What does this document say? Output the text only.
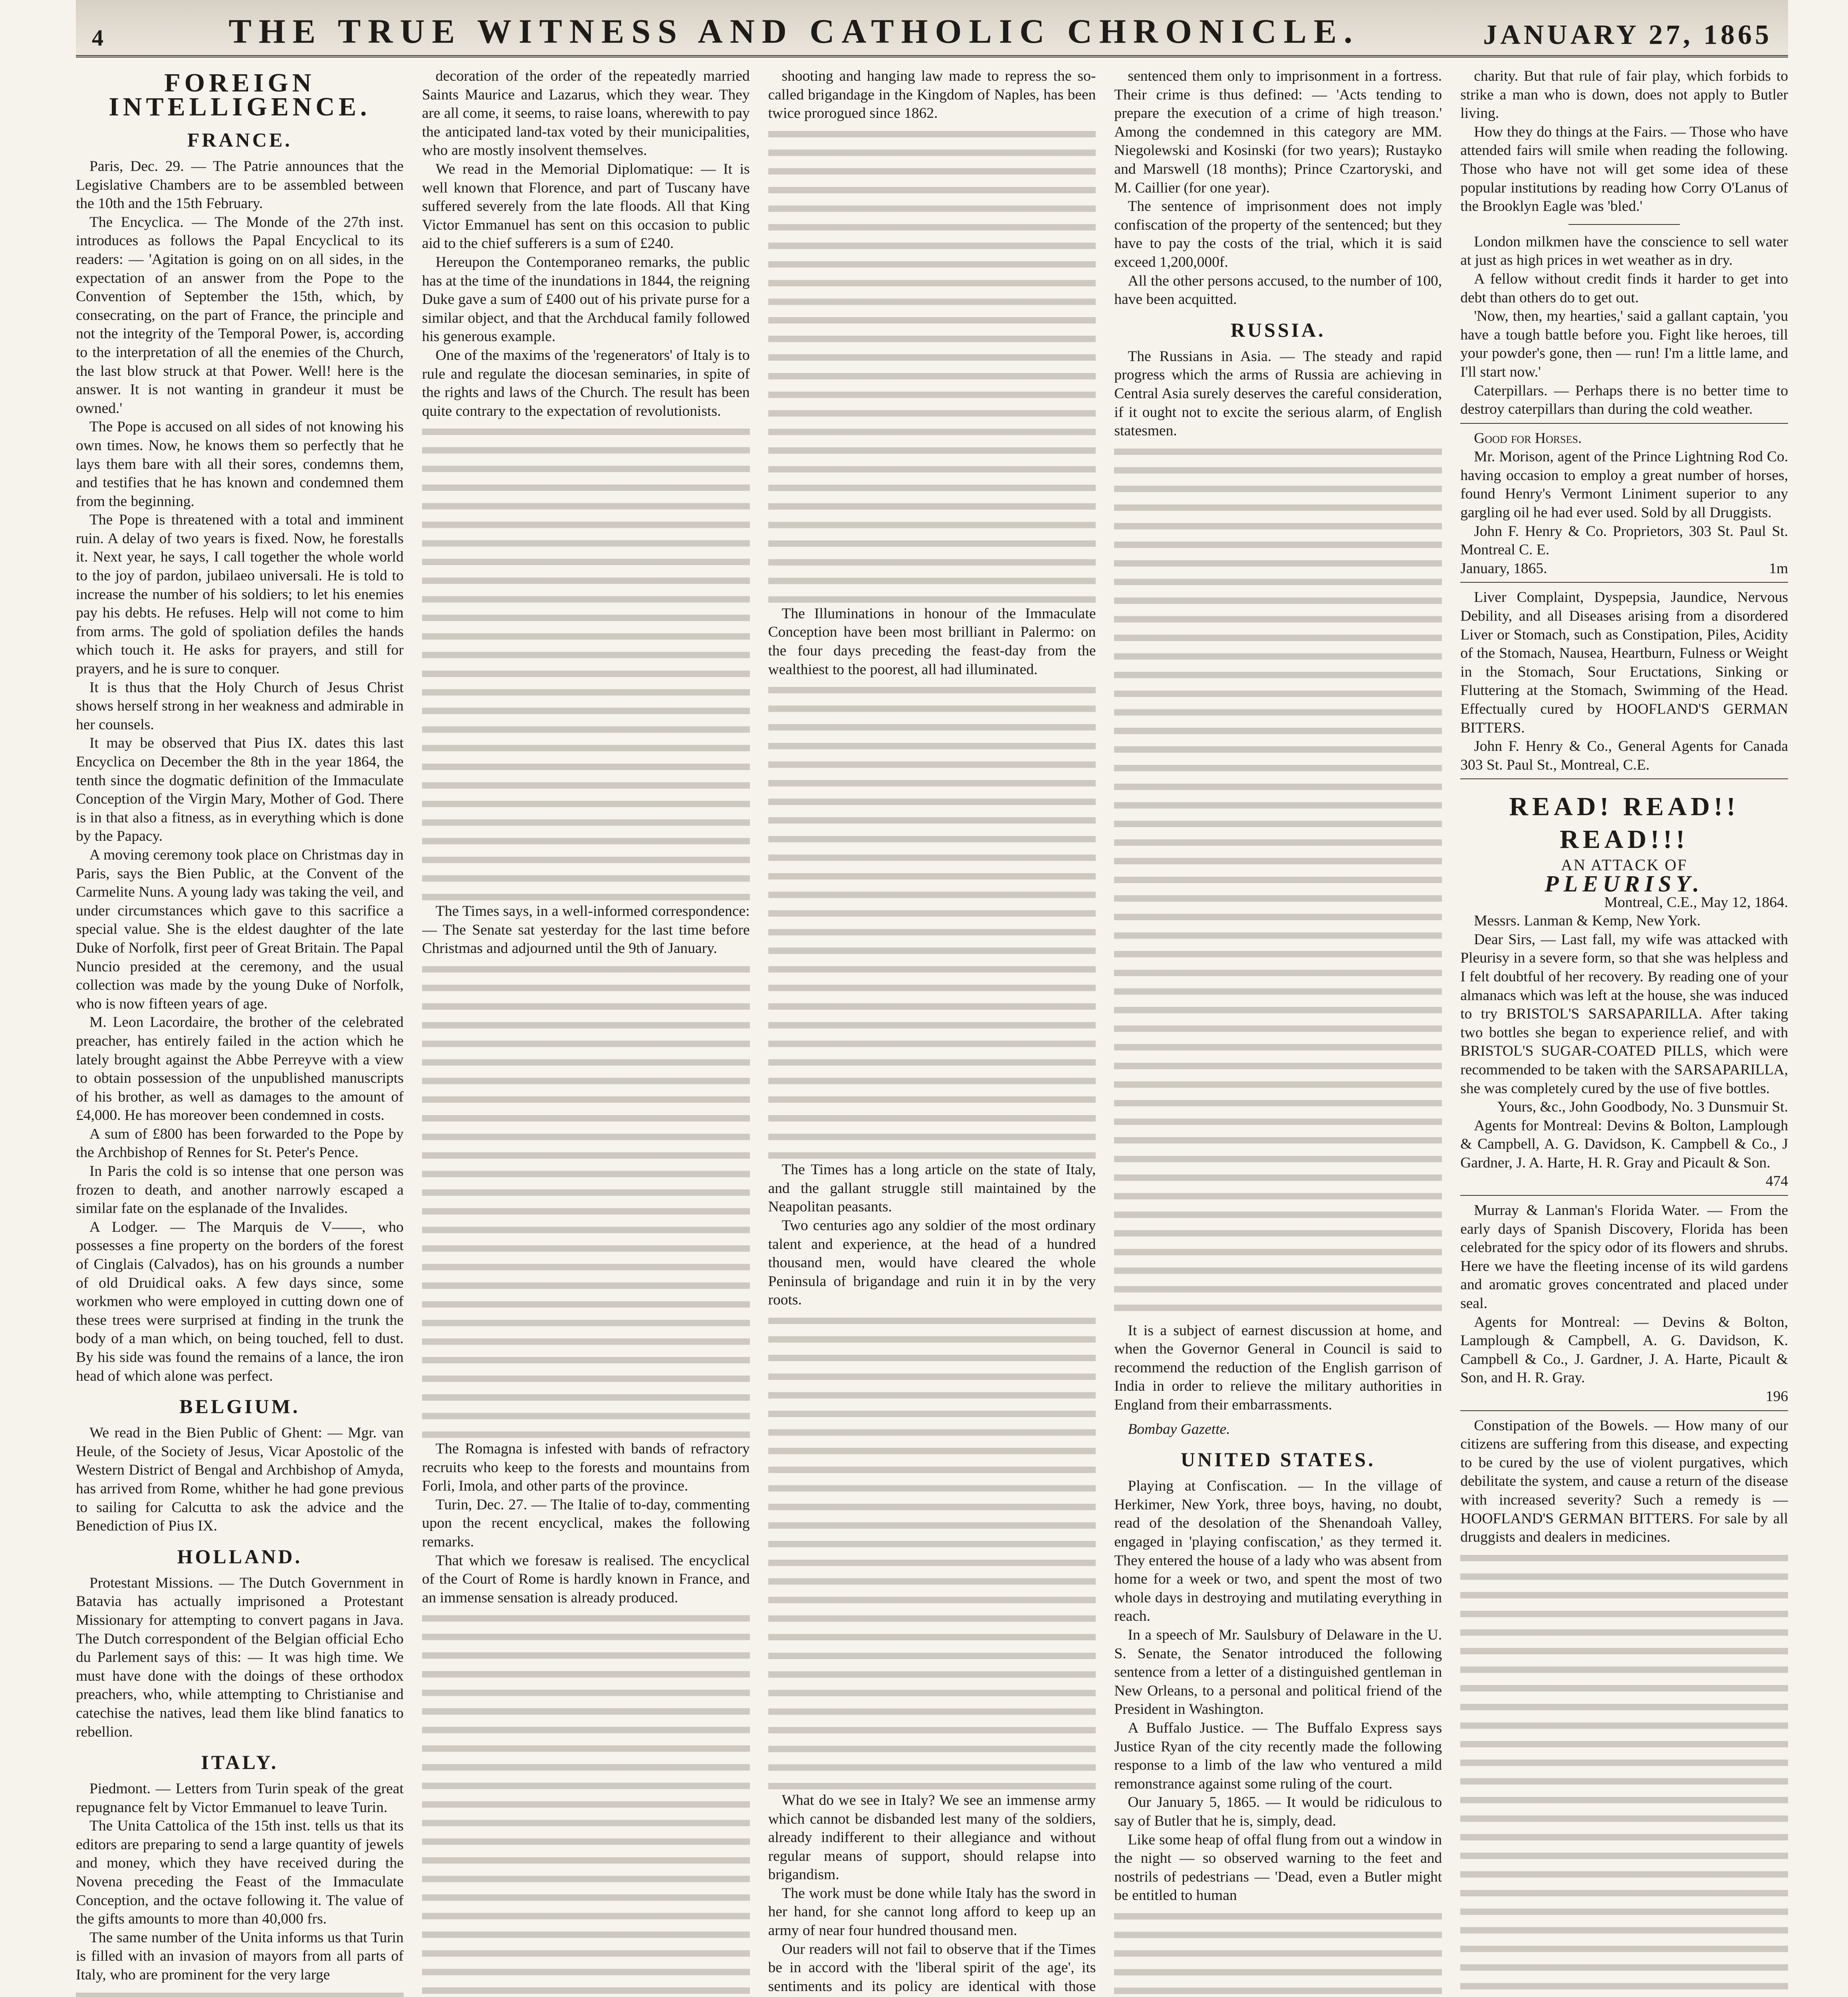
4	THE TRUE WITNESS AND CATHOLIC CHRONICLE.	JANUARY 27, 1865
FOREIGN INTELLIGENCE.
FRANCE.

Paris, Dec. 29. — The Patrie announces that the Legislative Chambers are to be assembled between the 10th and the 15th February.

The Encyclica. — The Monde of the 27th inst. introduces as follows the Papal Encyclical to its readers: — 'Agitation is going on on all sides, in the expectation of an answer from the Pope to the Convention of September the 15th, which, by consecrating, on the part of France, the principle and not the integrity of the Temporal Power, is, according to the interpretation of all the enemies of the Church, the last blow struck at that Power. Well! here is the answer. It is not wanting in grandeur it must be owned.'

The Pope is accused on all sides of not knowing his own times. Now, he knows them so perfectly that he lays them bare with all their sores, condemns them, and testifies that he has known and condemned them from the beginning.

The Pope is threatened with a total and imminent ruin. A delay of two years is fixed. Now, he forestalls it. Next year, he says, I call together the whole world to the joy of pardon, jubilaeo universali. He is told to increase the number of his soldiers; to let his enemies pay his debts. He refuses. Help will not come to him from arms. The gold of spoliation defiles the hands which touch it. He asks for prayers, and still for prayers, and he is sure to conquer.

It is thus that the Holy Church of Jesus Christ shows herself strong in her weakness and admirable in her counsels.

It may be observed that Pius IX. dates this last Encyclica on December the 8th in the year 1864, the tenth since the dogmatic definition of the Immaculate Conception of the Virgin Mary, Mother of God. There is in that also a fitness, as in everything which is done by the Papacy.

A moving ceremony took place on Christmas day in Paris, says the Bien Public, at the Convent of the Carmelite Nuns. A young lady was taking the veil, and under circumstances which gave to this sacrifice a special value. She is the eldest daughter of the late Duke of Norfolk, first peer of Great Britain. The Papal Nuncio presided at the ceremony, and the usual collection was made by the young Duke of Norfolk, who is now fifteen years of age.

M. Leon Lacordaire, the brother of the celebrated preacher, has entirely failed in the action which he lately brought against the Abbe Perreyve with a view to obtain possession of the unpublished manuscripts of his brother, as well as damages to the amount of £4,000. He has moreover been condemned in costs.

A sum of £800 has been forwarded to the Pope by the Archbishop of Rennes for St. Peter's Pence.

In Paris the cold is so intense that one person was frozen to death, and another narrowly escaped a similar fate on the esplanade of the Invalides.

A Lodger. — The Marquis de V——, who possesses a fine property on the borders of the forest of Cinglais (Calvados), has on his grounds a number of old Druidical oaks. A few days since, some workmen who were employed in cutting down one of these trees were surprised at finding in the trunk the body of a man which, on being touched, fell to dust. By his side was found the remains of a lance, the iron head of which alone was perfect.

BELGIUM.

We read in the Bien Public of Ghent: — Mgr. van Heule, of the Society of Jesus, Vicar Apostolic of the Western District of Bengal and Archbishop of Amyda, has arrived from Rome, whither he had gone previous to sailing for Calcutta to ask the advice and the Benediction of Pius IX.

HOLLAND.

Protestant Missions. — The Dutch Government in Batavia has actually imprisoned a Protestant Missionary for attempting to convert pagans in Java. The Dutch correspondent of the Belgian official Echo du Parlement says of this: — It was high time. We must have done with the doings of these orthodox preachers, who, while attempting to Christianise and catechise the natives, lead them like blind fanatics to rebellion.

ITALY.

Piedmont. — Letters from Turin speak of the great repugnance felt by Victor Emmanuel to leave Turin.

The Unita Cattolica of the 15th inst. tells us that its editors are preparing to send a large quantity of jewels and money, which they have received during the Novena preceding the Feast of the Immaculate Conception, and the octave following it. The value of the gifts amounts to more than 40,000 frs.

The same number of the Unita informs us that Turin is filled with an invasion of mayors from all parts of Italy, who are prominent for the very large

decoration of the order of the repeatedly married Saints Maurice and Lazarus, which they wear. They are all come, it seems, to raise loans, wherewith to pay the anticipated land-tax voted by their municipalities, who are mostly insolvent themselves.

We read in the Memorial Diplomatique: — It is well known that Florence, and part of Tuscany have suffered severely from the late floods. All that King Victor Emmanuel has sent on this occasion to public aid to the chief sufferers is a sum of £240.

Hereupon the Contemporaneo remarks, the public has at the time of the inundations in 1844, the reigning Duke gave a sum of £400 out of his private purse for a similar object, and that the Archducal family followed his generous example.

One of the maxims of the 'regenerators' of Italy is to rule and regulate the diocesan seminaries, in spite of the rights and laws of the Church. The result has been quite contrary to the expectation of revolutionists.

The Times says, in a well-informed correspondence: — The Senate sat yesterday for the last time before Christmas and adjourned until the 9th of January.

The Romagna is infested with bands of refractory recruits who keep to the forests and mountains from Forli, Imola, and other parts of the province.

Turin, Dec. 27. — The Italie of to-day, commenting upon the recent encyclical, makes the following remarks.

That which we foresaw is realised. The encyclical of the Court of Rome is hardly known in France, and an immense sensation is already produced.

shooting and hanging law made to repress the so-called brigandage in the Kingdom of Naples, has been twice prorogued since 1862.

The Illuminations in honour of the Immaculate Conception have been most brilliant in Palermo: on the four days preceding the feast-day from the wealthiest to the poorest, all had illuminated.

The Times has a long article on the state of Italy, and the gallant struggle still maintained by the Neapolitan peasants.

Two centuries ago any soldier of the most ordinary talent and experience, at the head of a hundred thousand men, would have cleared the whole Peninsula of brigandage and ruin it in by the very roots.

What do we see in Italy? We see an immense army which cannot be disbanded lest many of the soldiers, already indifferent to their allegiance and without regular means of support, should relapse into brigandism.

The work must be done while Italy has the sword in her hand, for she cannot long afford to keep up an army of near four hundred thousand men.

Our readers will not fail to observe that if the Times be in accord with the 'liberal spirit of the age', its sentiments and its policy are identical with those

sentenced them only to imprisonment in a fortress. Their crime is thus defined: — 'Acts tending to prepare the execution of a crime of high treason.' Among the condemned in this category are MM. Niegolewski and Kosinski (for two years); Rustayko and Marswell (18 months); Prince Czartoryski, and M. Caillier (for one year).

The sentence of imprisonment does not imply confiscation of the property of the sentenced; but they have to pay the costs of the trial, which it is said exceed 1,200,000f.

All the other persons accused, to the number of 100, have been acquitted.

RUSSIA.

The Russians in Asia. — The steady and rapid progress which the arms of Russia are achieving in Central Asia surely deserves the careful consideration, if it ought not to excite the serious alarm, of English statesmen.

It is a subject of earnest discussion at home, and when the Governor General in Council is said to recommend the reduction of the English garrison of India in order to relieve the military authorities in England from their embarrassments.

Bombay Gazette.

UNITED STATES.

Playing at Confiscation. — In the village of Herkimer, New York, three boys, having, no doubt, read of the desolation of the Shenandoah Valley, engaged in 'playing confiscation,' as they termed it. They entered the house of a lady who was absent from home for a week or two, and spent the most of two whole days in destroying and mutilating everything in reach.

In a speech of Mr. Saulsbury of Delaware in the U. S. Senate, the Senator introduced the following sentence from a letter of a distinguished gentleman in New Orleans, to a personal and political friend of the President in Washington.

A Buffalo Justice. — The Buffalo Express says Justice Ryan of the city recently made the following response to a limb of the law who ventured a mild remonstrance against some ruling of the court.

Our January 5, 1865. — It would be ridiculous to say of Butler that he is, simply, dead.

Like some heap of offal flung from out a window in the night — so observed warning to the feet and nostrils of pedestrians — 'Dead, even a Butler might be entitled to human

charity. But that rule of fair play, which forbids to strike a man who is down, does not apply to Butler living.

How they do things at the Fairs. — Those who have attended fairs will smile when reading the following. Those who have not will get some idea of these popular institutions by reading how Corry O'Lanus of the Brooklyn Eagle was 'bled.'

London milkmen have the conscience to sell water at just as high prices in wet weather as in dry.

A fellow without credit finds it harder to get into debt than others do to get out.

'Now, then, my hearties,' said a gallant captain, 'you have a tough battle before you. Fight like heroes, till your powder's gone, then — run! I'm a little lame, and I'll start now.'

Caterpillars. — Perhaps there is no better time to destroy caterpillars than during the cold weather.

Good for Horses.

Mr. Morison, agent of the Prince Lightning Rod Co. having occasion to employ a great number of horses, found Henry's Vermont Liniment superior to any gargling oil he had ever used. Sold by all Druggists.

John F. Henry & Co. Proprietors, 303 St. Paul St. Montreal C. E.

January, 1865.	1m

Liver Complaint, Dyspepsia, Jaundice, Nervous Debility, and all Diseases arising from a disordered Liver or Stomach, such as Constipation, Piles, Acidity of the Stomach, Nausea, Heartburn, Fulness or Weight in the Stomach, Sour Eructations, Sinking or Fluttering at the Stomach, Swimming of the Head. Effectually cured by HOOFLAND'S GERMAN BITTERS.

John F. Henry & Co., General Agents for Canada 303 St. Paul St., Montreal, C.E.

READ! READ!! READ!!!
AN ATTACK OF
PLEURISY.

Montreal, C.E., May 12, 1864.

Messrs. Lanman & Kemp, New York.

Dear Sirs, — Last fall, my wife was attacked with Pleurisy in a severe form, so that she was helpless and I felt doubtful of her recovery. By reading one of your almanacs which was left at the house, she was induced to try BRISTOL'S SARSAPARILLA. After taking two bottles she began to experience relief, and with BRISTOL'S SUGAR-COATED PILLS, which were recommended to be taken with the SARSAPARILLA, she was completely cured by the use of five bottles.

Yours, &c., John Goodbody, No. 3 Dunsmuir St.

Agents for Montreal: Devins & Bolton, Lamplough & Campbell, A. G. Davidson, K. Campbell & Co., J Gardner, J. A. Harte, H. R. Gray and Picault & Son.

474

Murray & Lanman's Florida Water. — From the early days of Spanish Discovery, Florida has been celebrated for the spicy odor of its flowers and shrubs. Here we have the fleeting incense of its wild gardens and aromatic groves concentrated and placed under seal.

Agents for Montreal: — Devins & Bolton, Lamplough & Campbell, A. G. Davidson, K. Campbell & Co., J. Gardner, J. A. Harte, Picault & Son, and H. R. Gray.

196

Constipation of the Bowels. — How many of our citizens are suffering from this disease, and expecting to be cured by the use of violent purgatives, which debilitate the system, and cause a return of the disease with increased severity? Such a remedy is — HOOFLAND'S GERMAN BITTERS. For sale by all druggists and dealers in medicines.
